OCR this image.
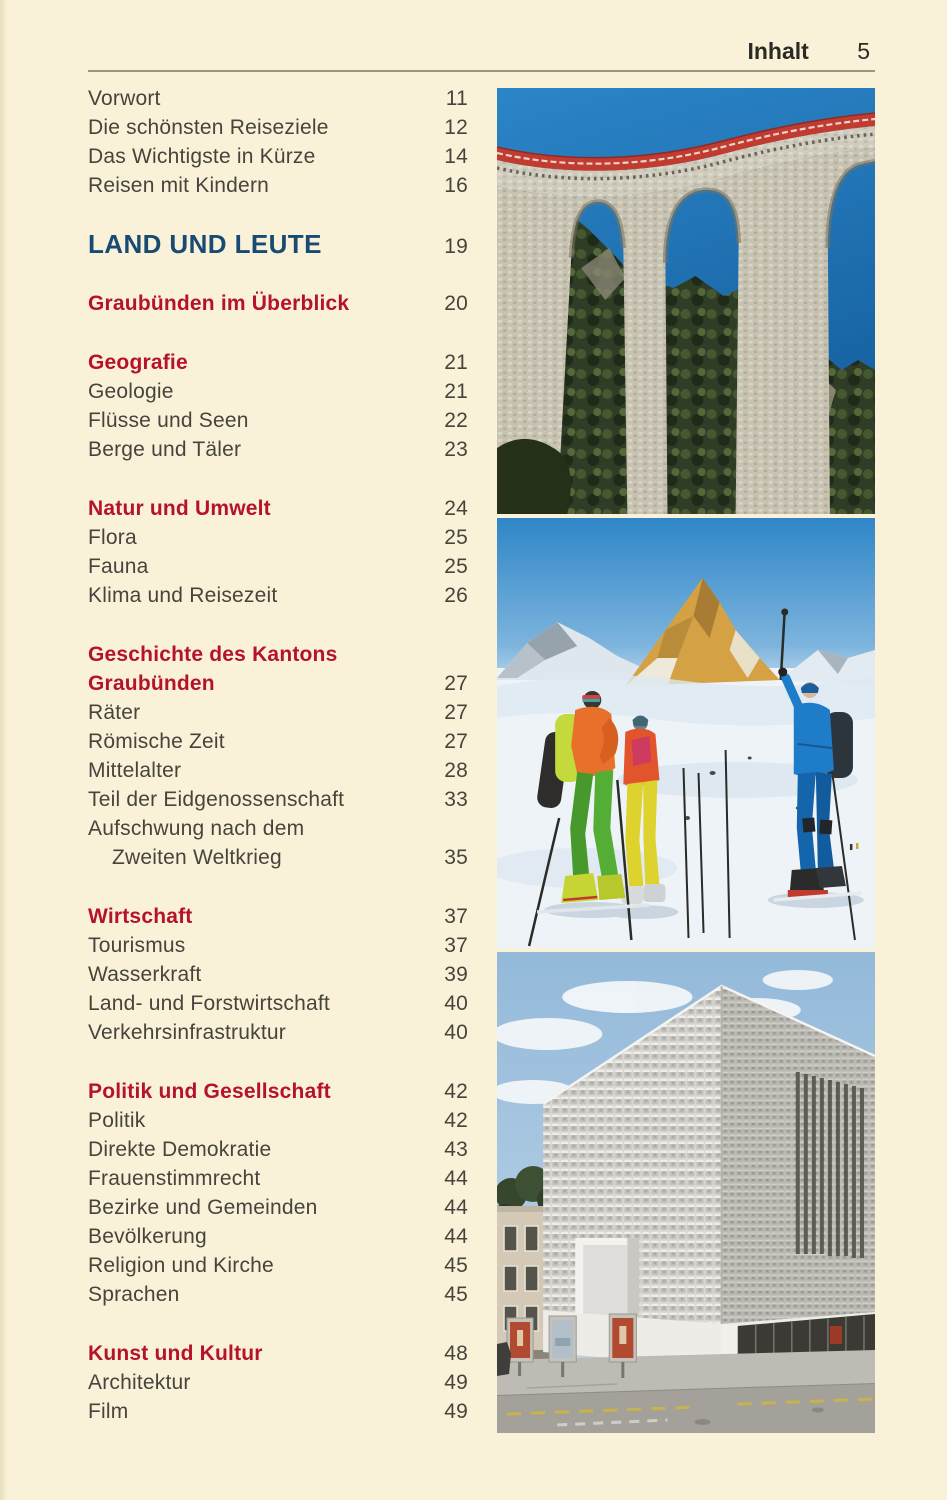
Inhalt 5
Vorwort	11
Die schönsten Reiseziele	12
Das Wichtigste in Kürze	14
Reisen mit Kindern	16
LAND UND LEUTE	19
Graubünden im Überblick	20
Geografie	21
Geologie	21
Flüsse und Seen	22
Berge und Täler	23
Natur und Umwelt	24
Flora	25
Fauna	25
Klima und Reisezeit	26
Geschichte des Kantons
Graubünden	27
Räter	27
Römische Zeit	27
Mittelalter	28
Teil der Eidgenossenschaft	33
Aufschwung nach dem
Zweiten Weltkrieg	35
Wirtschaft	37
Tourismus	37
Wasserkraft	39
Land- und Forstwirtschaft	40
Verkehrsinfrastruktur	40
Politik und Gesellschaft	42
Politik	42
Direkte Demokratie	43
Frauenstimmrecht	44
Bezirke und Gemeinden	44
Bevölkerung	44
Religion und Kirche	45
Sprachen	45
Kunst und Kultur	48
Architektur	49
Film	49
